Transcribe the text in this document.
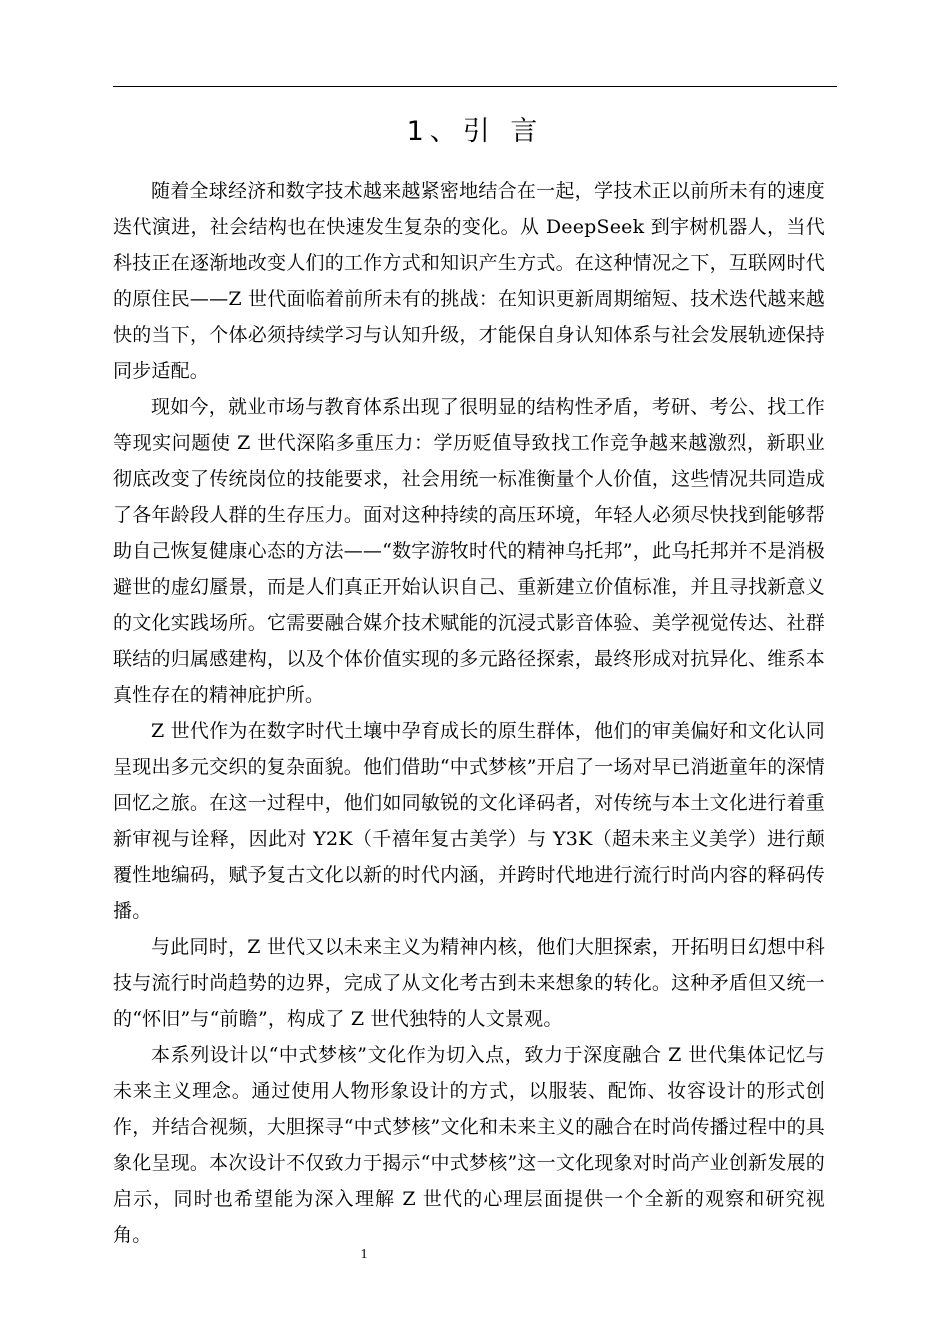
1、引 言

随着全球经济和数字技术越来越紧密地结合在一起，学技术正以前所未有的速度迭代演进，社会结构也在快速发生复杂的变化。从 DeepSeek 到宇树机器人，当代科技正在逐渐地改变人们的工作方式和知识产生方式。在这种情况之下，互联网时代的原住民——Z 世代面临着前所未有的挑战：在知识更新周期缩短、技术迭代越来越快的当下，个体必须持续学习与认知升级，才能保自身认知体系与社会发展轨迹保持同步适配。

现如今，就业市场与教育体系出现了很明显的结构性矛盾，考研、考公、找工作等现实问题使 Z 世代深陷多重压力：学历贬值导致找工作竞争越来越激烈，新职业彻底改变了传统岗位的技能要求，社会用统一标准衡量个人价值，这些情况共同造成了各年龄段人群的生存压力。面对这种持续的高压环境，年轻人必须尽快找到能够帮助自己恢复健康心态的方法——“数字游牧时代的精神乌托邦”，此乌托邦并不是消极避世的虚幻蜃景，而是人们真正开始认识自己、重新建立价值标准，并且寻找新意义的文化实践场所。它需要融合媒介技术赋能的沉浸式影音体验、美学视觉传达、社群联结的归属感建构，以及个体价值实现的多元路径探索，最终形成对抗异化、维系本真性存在的精神庇护所。

Z 世代作为在数字时代土壤中孕育成长的原生群体，他们的审美偏好和文化认同呈现出多元交织的复杂面貌。他们借助“中式梦核”开启了一场对早已消逝童年的深情回忆之旅。在这一过程中，他们如同敏锐的文化译码者，对传统与本土文化进行着重新审视与诠释，因此对 Y2K（千禧年复古美学）与 Y3K（超未来主义美学）进行颠覆性地编码，赋予复古文化以新的时代内涵，并跨时代地进行流行时尚内容的释码传播。

与此同时，Z 世代又以未来主义为精神内核，他们大胆探索，开拓明日幻想中科技与流行时尚趋势的边界，完成了从文化考古到未来想象的转化。这种矛盾但又统一的“怀旧”与“前瞻”，构成了 Z 世代独特的人文景观。

本系列设计以“中式梦核”文化作为切入点，致力于深度融合 Z 世代集体记忆与未来主义理念。通过使用人物形象设计的方式，以服装、配饰、妆容设计的形式创作，并结合视频，大胆探寻“中式梦核”文化和未来主义的融合在时尚传播过程中的具象化呈现。本次设计不仅致力于揭示“中式梦核”这一文化现象对时尚产业创新发展的启示，同时也希望能为深入理解 Z 世代的心理层面提供一个全新的观察和研究视角。

1
